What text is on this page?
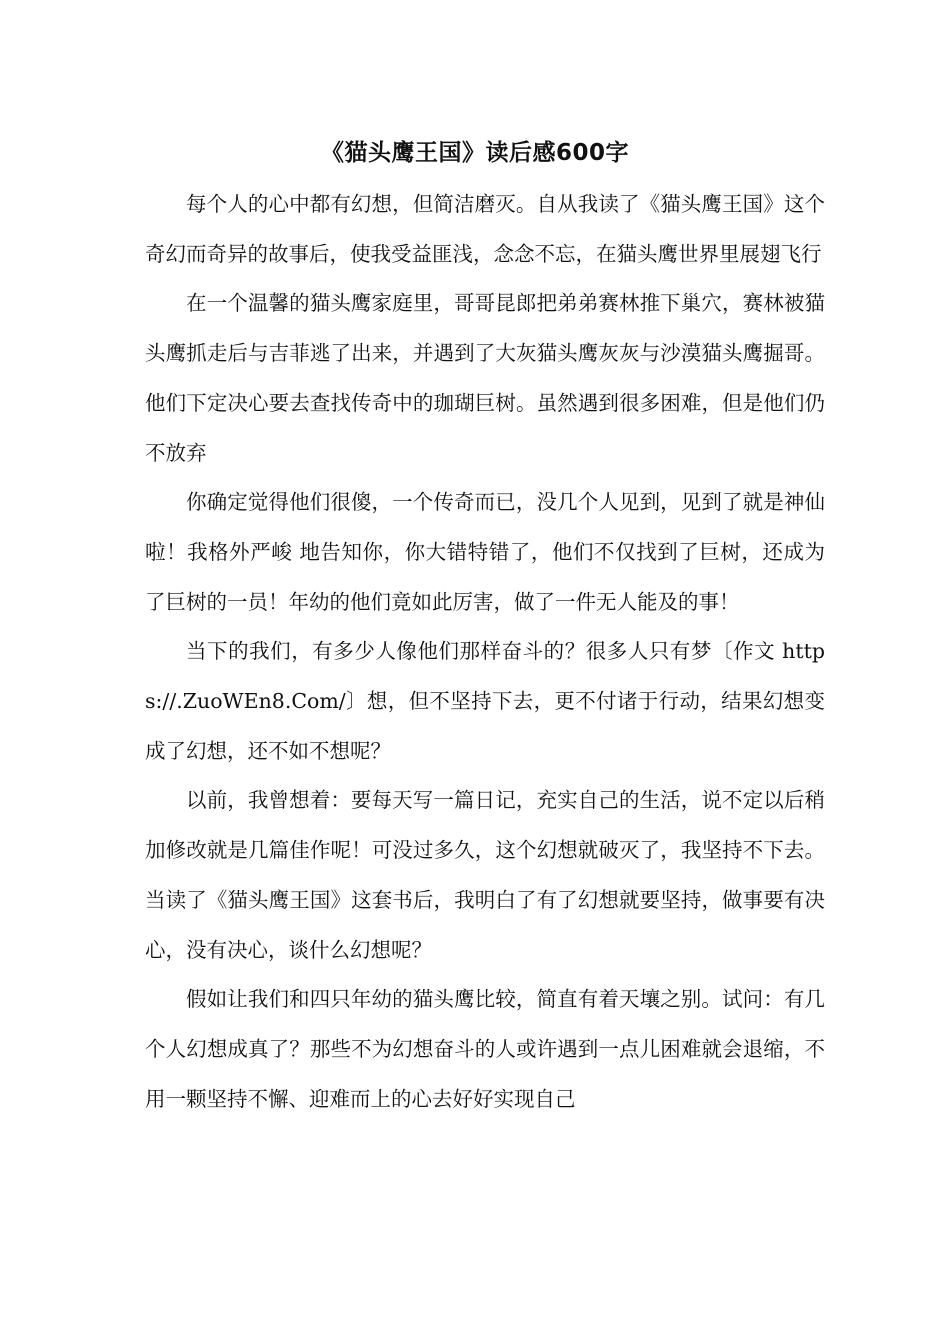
《猫头鹰王国》读后感600字

每个人的心中都有幻想，但简洁磨灭。自从我读了《猫头鹰王国》这个奇幻而奇异的故事后，使我受益匪浅，念念不忘，在猫头鹰世界里展翅飞行

在一个温馨的猫头鹰家庭里，哥哥昆郎把弟弟赛林推下巢穴，赛林被猫头鹰抓走后与吉菲逃了出来，并遇到了大灰猫头鹰灰灰与沙漠猫头鹰掘哥。他们下定决心要去查找传奇中的珈瑚巨树。虽然遇到很多困难，但是他们仍不放弃

你确定觉得他们很傻，一个传奇而已，没几个人见到，见到了就是神仙啦！我格外严峻 地告知你，你大错特错了，他们不仅找到了巨树，还成为了巨树的一员！年幼的他们竟如此厉害，做了一件无人能及的事！

当下的我们，有多少人像他们那样奋斗的？很多人只有梦〔作文 https://.ZuoWEn8.Com/〕想，但不坚持下去，更不付诸于行动，结果幻想变成了幻想，还不如不想呢？

以前，我曾想着：要每天写一篇日记，充实自己的生活，说不定以后稍加修改就是几篇佳作呢！可没过多久，这个幻想就破灭了，我坚持不下去。当读了《猫头鹰王国》这套书后，我明白了有了幻想就要坚持，做事要有决心，没有决心，谈什么幻想呢？

假如让我们和四只年幼的猫头鹰比较，简直有着天壤之别。试问：有几个人幻想成真了？那些不为幻想奋斗的人或许遇到一点儿困难就会退缩，不用一颗坚持不懈、迎难而上的心去好好实现自己
